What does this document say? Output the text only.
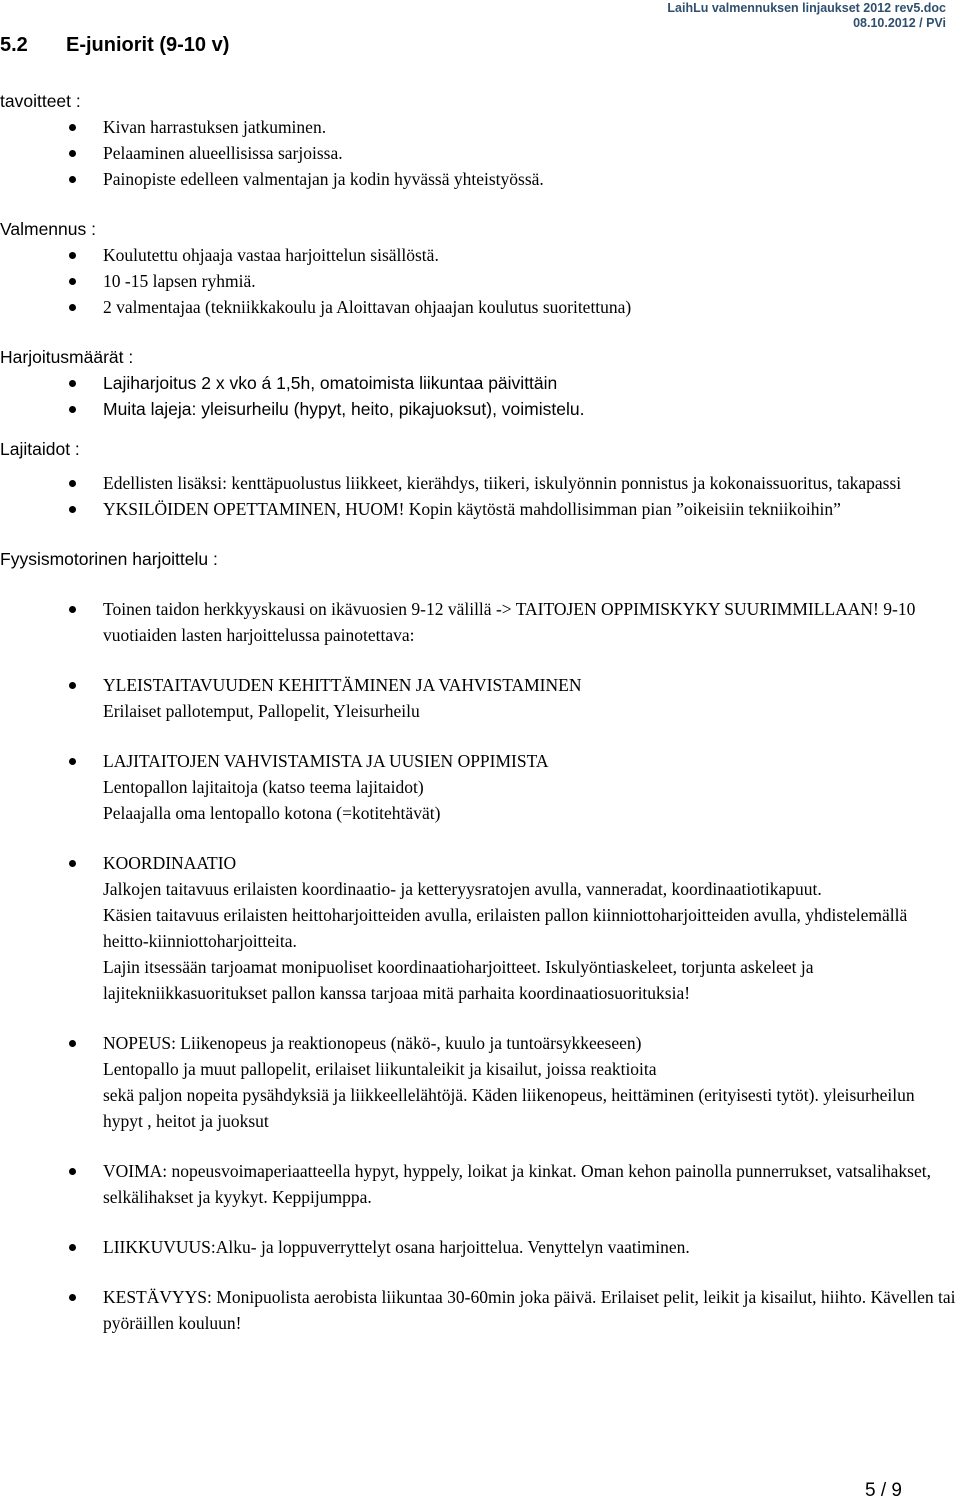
5.2 E-juniorit (9-10 v)
LaihLu valmennuksen linjaukset 2012 rev5.doc
08.10.2012 / PVi
tavoitteet :
Kivan harrastuksen jatkuminen.
Pelaaminen alueellisissa sarjoissa.
Painopiste edelleen valmentajan ja kodin hyvässä yhteistyössä.
Valmennus :
Koulutettu ohjaaja vastaa harjoittelun sisällöstä.
10 -15 lapsen ryhmiä.
2 valmentajaa (tekniikkakoulu ja Aloittavan ohjaajan koulutus suoritettuna)
Harjoitusmäärät :
Lajiharjoitus 2 x vko á 1,5h, omatoimista liikuntaa päivittäin
Muita lajeja: yleisurheilu (hypyt, heito, pikajuoksut), voimistelu.
Lajitaidot :
Edellisten lisäksi: kenttäpuolustus liikkeet, kierähdys, tiikeri, iskulyönnin ponnistus ja kokonaissuoritus, takapassi
YKSILÖIDEN OPETTAMINEN, HUOM! Kopin käytöstä mahdollisimman pian ”oikeisiin tekniikoihin”
Fyysismotorinen harjoittelu :
Toinen taidon herkkyyskausi on ikävuosien 9-12 välillä -> TAITOJEN OPPIMISKYKY SUURIMMILLAAN! 9-10 vuotiaiden lasten harjoittelussa painotettava:
YLEISTAITAVUUDEN KEHITTÄMINEN JA VAHVISTAMINEN
Erilaiset pallotemput, Pallopelit, Yleisurheilu
LAJITAITOJEN VAHVISTAMISTA JA UUSIEN OPPIMISTA
Lentopallon lajitaitoja (katso teema lajitaidot)
Pelaajalla oma lentopallo kotona (=kotitehtävät)
KOORDINAATIO
Jalkojen taitavuus erilaisten koordinaatio- ja ketteryysratojen avulla, vanneradat, koordinaatiotikapuut.
Käsien taitavuus erilaisten heittoharjoitteiden avulla, erilaisten pallon kiinniottoharjoitteiden avulla, yhdistelemällä heitto-kiinniottoharjoitteita.
Lajin itsessään tarjoamat monipuoliset koordinaatioharjoitteet. Iskulyöntiaskeleet, torjunta askeleet ja lajitekniikkasuoritukset pallon kanssa tarjoaa mitä parhaita koordinaatiosuorituksia!
NOPEUS: Liikenopeus ja reaktionopeus (näkö-, kuulo ja tuntoärsykkeeseen)
Lentopallo ja muut pallopelit, erilaiset liikuntaleikit ja kisailut, joissa reaktioita
sekä paljon nopeita pysähdyksiä ja liikkeellelähtöjä. Käden liikenopeus, heittäminen (erityisesti tytöt). yleisurheilun hypyt , heitot ja juoksut
VOIMA: nopeusvoimaperiaatteella hypyt, hyppely, loikat ja kinkat. Oman kehon painolla punnerrukset, vatsalihakset, selkälihakset ja kyykyt. Keppijumppa.
LIIKKUVUUS:Alku- ja loppuverryttelyt osana harjoittelua. Venyttelyn vaatiminen.
KESTÄVYYS: Monipuolista aerobista liikuntaa 30-60min joka päivä. Erilaiset pelit, leikit ja kisailut, hiihto. Kävellen tai pyöräillen kouluun!
5 / 9
